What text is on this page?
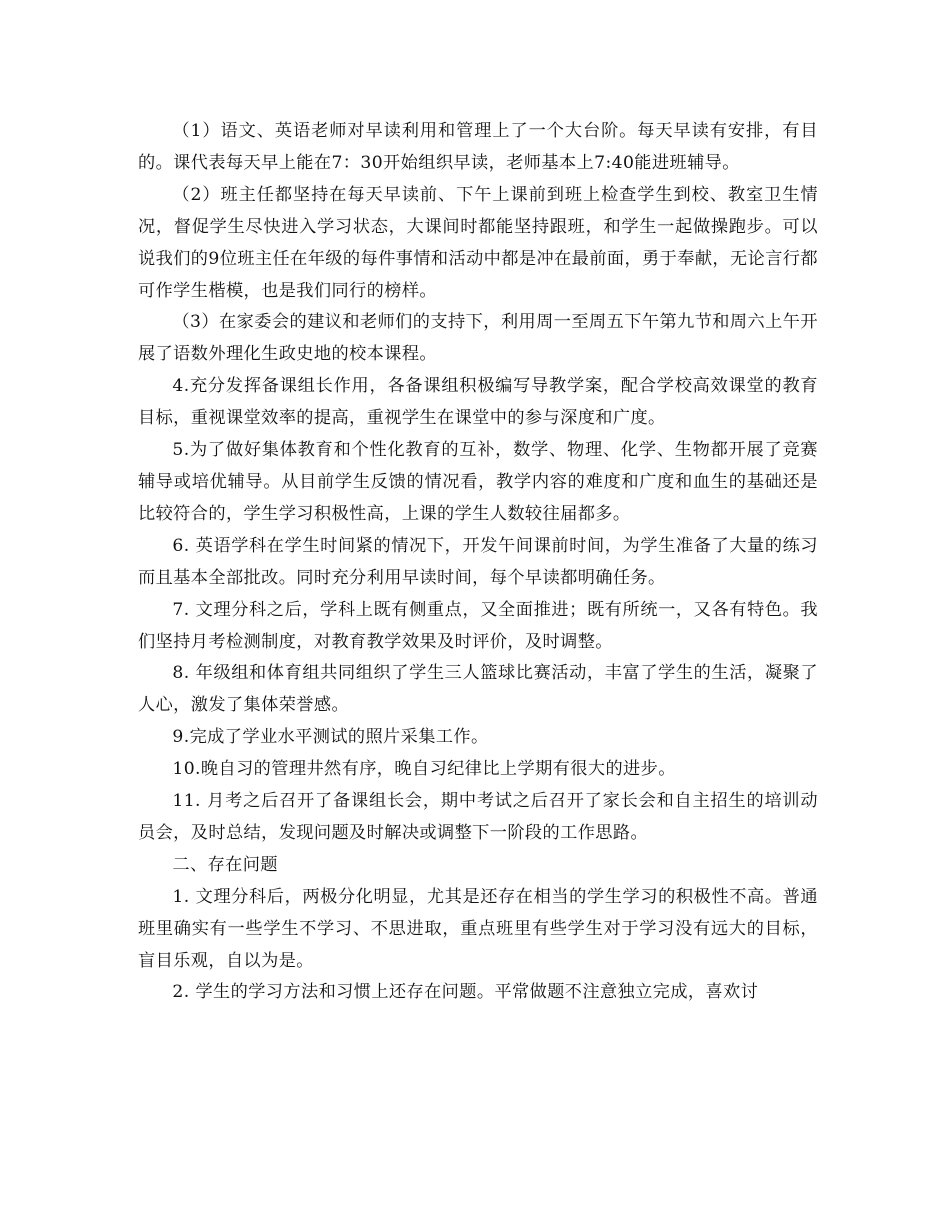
（1）语文、英语老师对早读利用和管理上了一个大台阶。每天早读有安排，有目的。课代表每天早上能在7：30开始组织早读，老师基本上7:40能进班辅导。

（2）班主任都坚持在每天早读前、下午上课前到班上检查学生到校、教室卫生情况，督促学生尽快进入学习状态，大课间时都能坚持跟班，和学生一起做操跑步。可以说我们的9位班主任在年级的每件事情和活动中都是冲在最前面，勇于奉献，无论言行都可作学生楷模，也是我们同行的榜样。

（3）在家委会的建议和老师们的支持下，利用周一至周五下午第九节和周六上午开展了语数外理化生政史地的校本课程。

4.充分发挥备课组长作用，各备课组积极编写导教学案，配合学校高效课堂的教育目标，重视课堂效率的提高，重视学生在课堂中的参与深度和广度。

5.为了做好集体教育和个性化教育的互补，数学、物理、化学、生物都开展了竞赛辅导或培优辅导。从目前学生反馈的情况看，教学内容的难度和广度和血生的基础还是比较符合的，学生学习积极性高，上课的学生人数较往届都多。

6. 英语学科在学生时间紧的情况下，开发午间课前时间，为学生准备了大量的练习而且基本全部批改。同时充分利用早读时间，每个早读都明确任务。

7. 文理分科之后，学科上既有侧重点，又全面推进；既有所统一，又各有特色。我们坚持月考检测制度，对教育教学效果及时评价，及时调整。

8. 年级组和体育组共同组织了学生三人篮球比赛活动，丰富了学生的生活，凝聚了人心，激发了集体荣誉感。

9.完成了学业水平测试的照片采集工作。

10.晚自习的管理井然有序，晚自习纪律比上学期有很大的进步。

11. 月考之后召开了备课组长会，期中考试之后召开了家长会和自主招生的培训动员会，及时总结，发现问题及时解决或调整下一阶段的工作思路。

二、存在问题

1. 文理分科后，两极分化明显，尤其是还存在相当的学生学习的积极性不高。普通班里确实有一些学生不学习、不思进取，重点班里有些学生对于学习没有远大的目标，盲目乐观，自以为是。

2. 学生的学习方法和习惯上还存在问题。平常做题不注意独立完成，喜欢讨
